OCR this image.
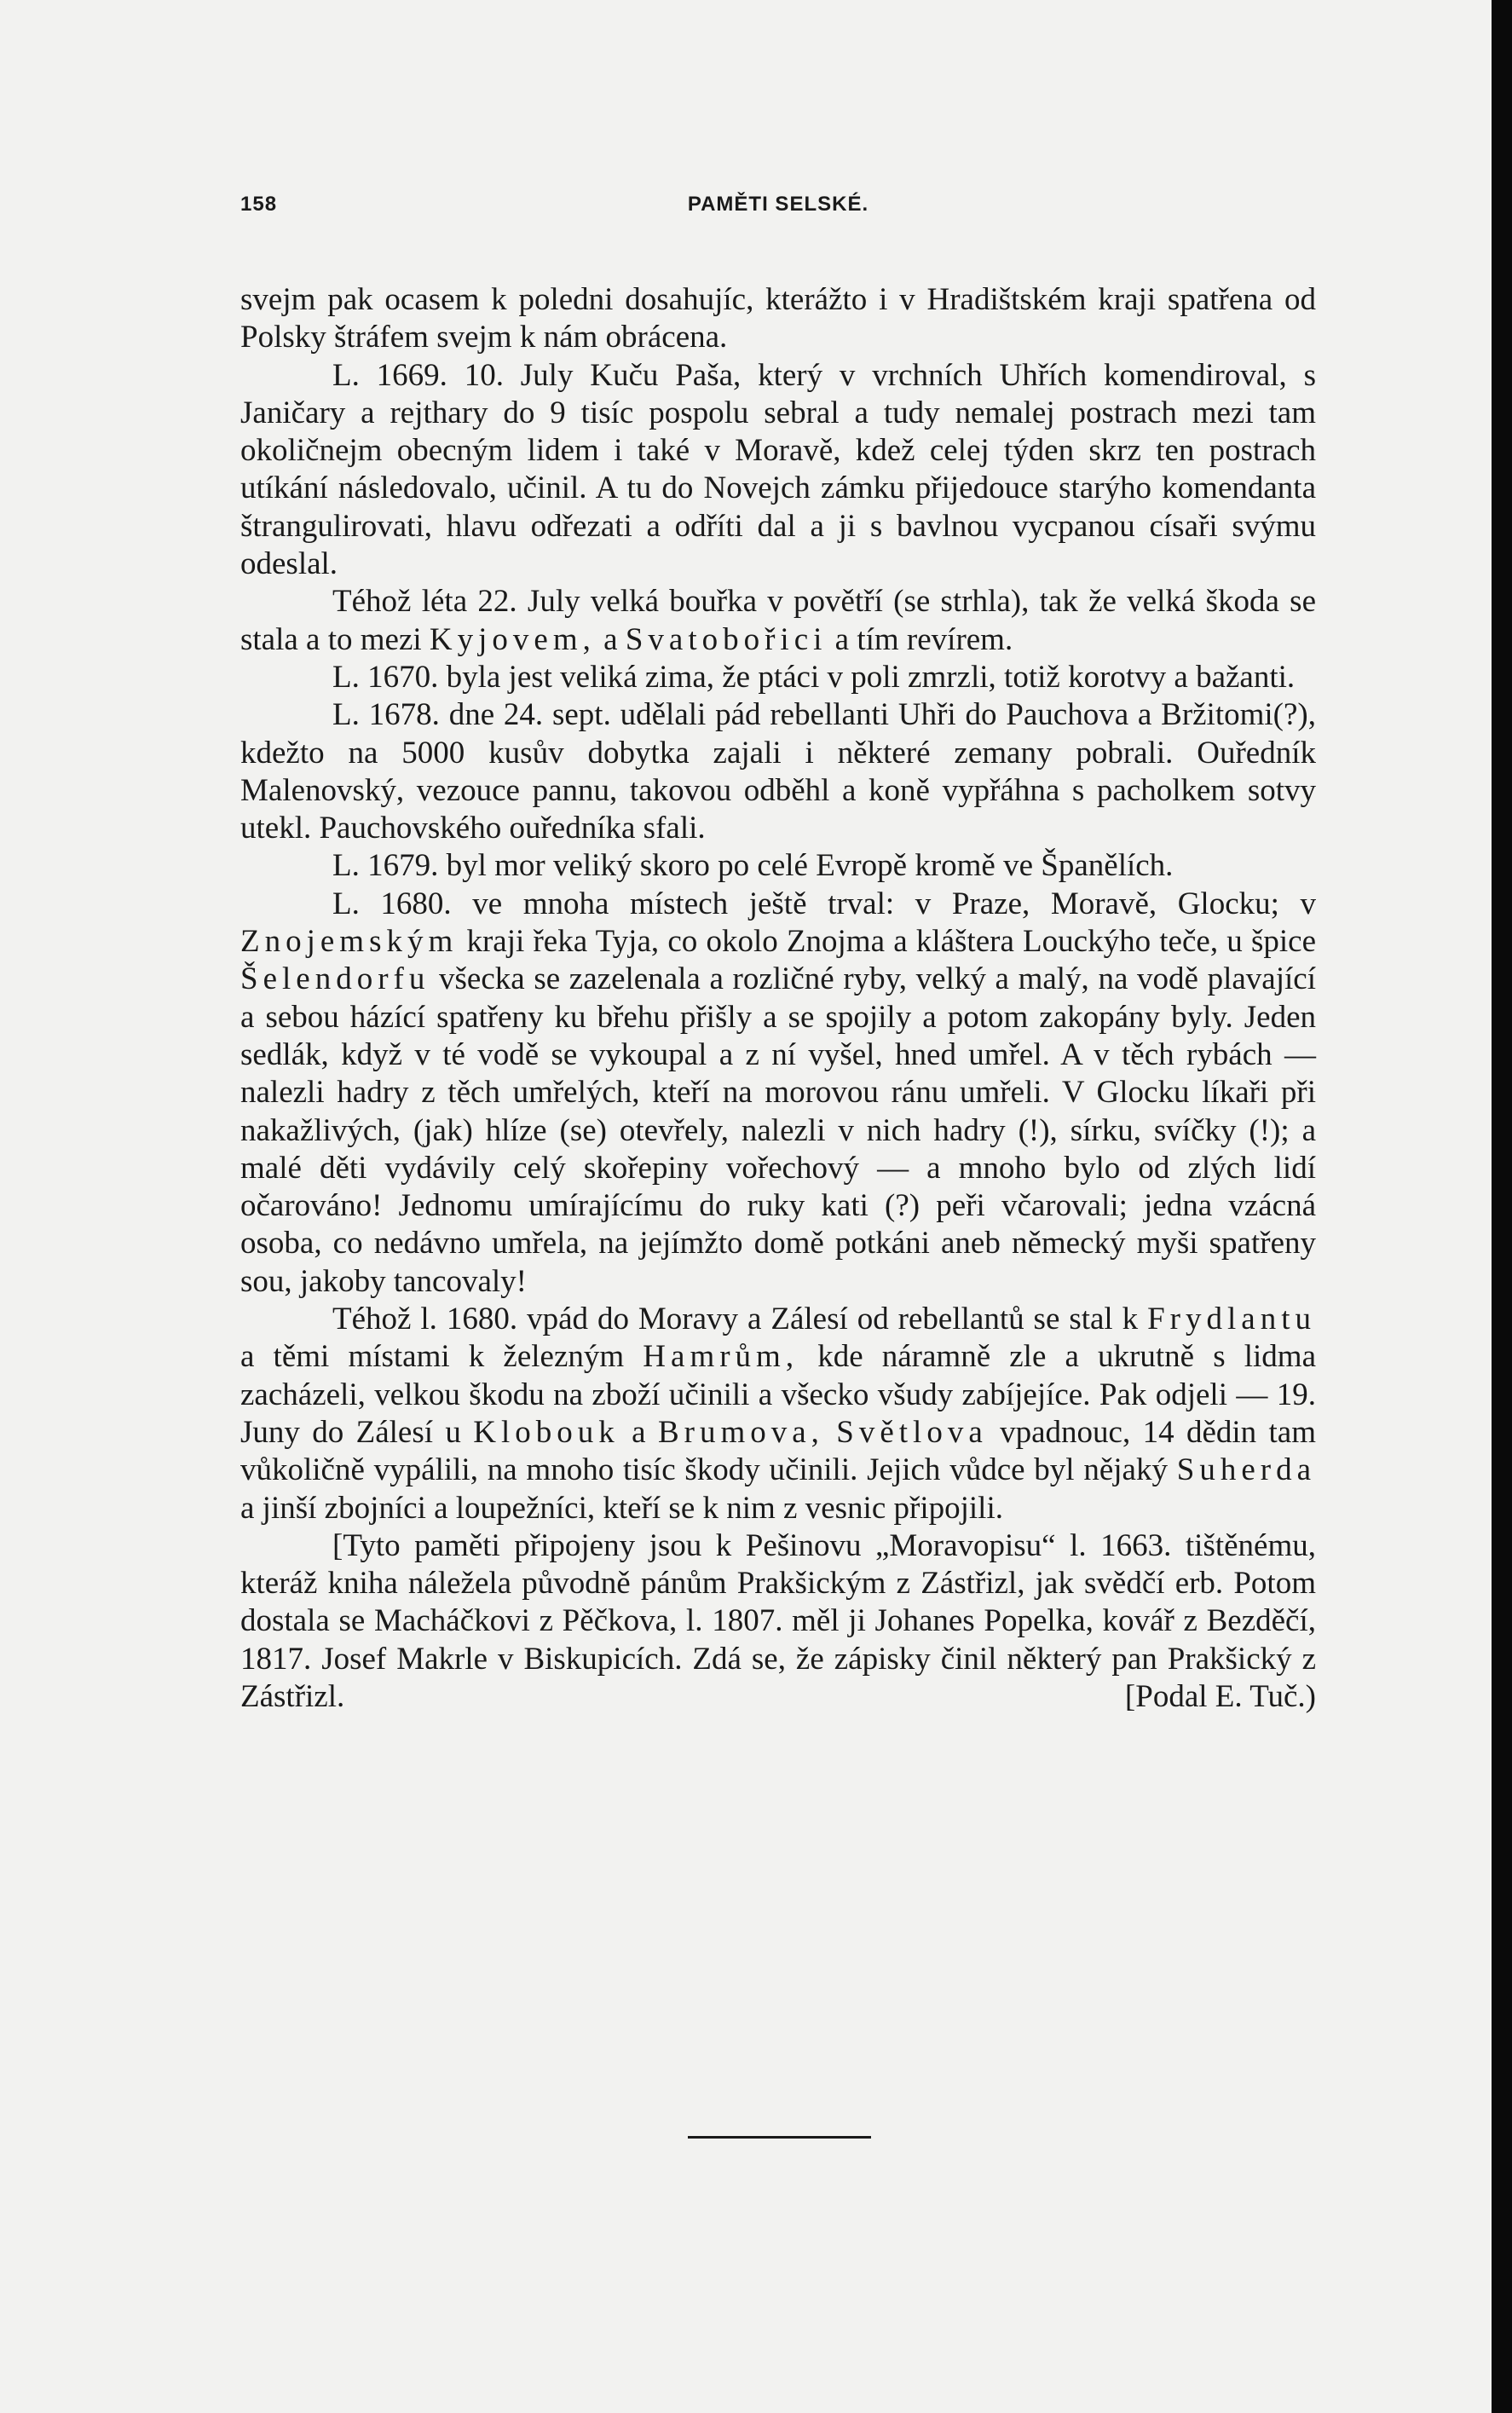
158	PAMĚTI SELSKÉ.

svejm pak ocasem k poledni dosahujíc, kterážto i v Hradištském kraji spatřena od Polsky štráfem svejm k nám obrácena.

L. 1669. 10. July Kuču Paša, který v vrchních Uhřích komendiroval, s Janičary a rejthary do 9 tisíc pospolu sebral a tudy nemalej postrach mezi tam okoličnejm obecným lidem i také v Moravě, kdež celej týden skrz ten postrach utíkání následovalo, učinil. A tu do Novejch zámku přijedouce starýho komendanta štrangulirovati, hlavu odřezati a odříti dal a ji s bavlnou vycpanou císaři svýmu odeslal.

Téhož léta 22. July velká bouřka v povětří (se strhla), tak že velká škoda se stala a to mezi Kyjovem, a Svatobořici a tím revírem.

L. 1670. byla jest veliká zima, že ptáci v poli zmrzli, totiž korotvy a bažanti.

L. 1678. dne 24. sept. udělali pád rebellanti Uhři do Pauchova a Bržitomi(?), kdežto na 5000 kusův dobytka zajali i některé zemany pobrali. Ouředník Malenovský, vezouce pannu, takovou odběhl a koně vypřáhna s pacholkem sotvy utekl. Pauchovského ouředníka sfali.

L. 1679. byl mor veliký skoro po celé Evropě kromě ve Španělích.

L. 1680. ve mnoha místech ještě trval: v Praze, Moravě, Glocku; v Znojemským kraji řeka Tyja, co okolo Znojma a kláštera Louckýho teče, u špice Šelendorfu všecka se zazelenala a rozličné ryby, velký a malý, na vodě plavající a sebou házící spatřeny ku břehu přišly a se spojily a potom zakopány byly. Jeden sedlák, když v té vodě se vykoupal a z ní vyšel, hned umřel. A v těch rybách — nalezli hadry z těch umřelých, kteří na morovou ránu umřeli. V Glocku líkaři při nakažlivých, (jak) hlíze (se) otevřely, nalezli v nich hadry (!), sírku, svíčky (!); a malé děti vydávily celý skořepiny vořechový — a mnoho bylo od zlých lidí očarováno! Jednomu umírajícímu do ruky kati (?) peři včarovali; jedna vzácná osoba, co nedávno umřela, na jejímžto domě potkáni aneb německý myši spatřeny sou, jakoby tancovaly!

Téhož l. 1680. vpád do Moravy a Zálesí od rebellantů se stal k Frydlantu a těmi místami k železným Hamrům, kde náramně zle a ukrutně s lidma zacházeli, velkou škodu na zboží učinili a všecko všudy zabíjejíce. Pak odjeli — 19. Juny do Zálesí u Klobouk a Brumova, Světlova vpadnouc, 14 dědin tam vůkoličně vypálili, na mnoho tisíc škody učinili. Jejich vůdce byl nějaký Suherda a jinší zbojníci a loupežníci, kteří se k nim z vesnic připojili.

[Tyto paměti připojeny jsou k Pešinovu „Moravopisu“ l. 1663. tištěnému, kteráž kniha náležela původně pánům Prakšickým z Zástřizl, jak svědčí erb. Potom dostala se Macháčkovi z Pěčkova, l. 1807. měl ji Johanes Popelka, kovář z Bezděčí, 1817. Josef Makrle v Biskupicích. Zdá se, že zápisky činil některý pan Prakšický z Zástřizl.	[Podal E. Tuč.)
